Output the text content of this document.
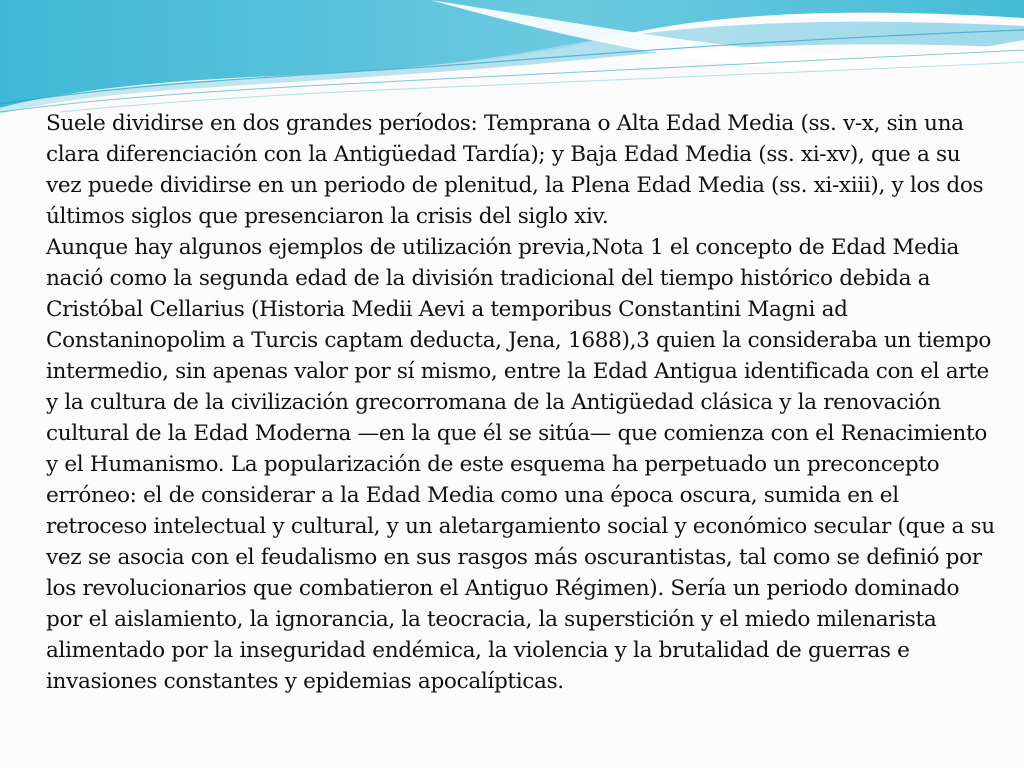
Suele dividirse en dos grandes períodos: Temprana o Alta Edad Media (ss. v-x, sin una clara diferenciación con la Antigüedad Tardía); y Baja Edad Media (ss. xi-xv), que a su vez puede dividirse en un periodo de plenitud, la Plena Edad Media (ss. xi-xiii), y los dos últimos siglos que presenciaron la crisis del siglo xiv.

Aunque hay algunos ejemplos de utilización previa,Nota 1 el concepto de Edad Media nació como la segunda edad de la división tradicional del tiempo histórico debida a Cristóbal Cellarius (Historia Medii Aevi a temporibus Constantini Magni ad Constaninopolim a Turcis captam deducta, Jena, 1688),3 quien la consideraba un tiempo intermedio, sin apenas valor por sí mismo, entre la Edad Antigua identificada con el arte y la cultura de la civilización grecorromana de la Antigüedad clásica y la renovación cultural de la Edad Moderna —en la que él se sitúa— que comienza con el Renacimiento y el Humanismo. La popularización de este esquema ha perpetuado un preconcepto erróneo: el de considerar a la Edad Media como una época oscura, sumida en el retroceso intelectual y cultural, y un aletargamiento social y económico secular (que a su vez se asocia con el feudalismo en sus rasgos más oscurantistas, tal como se definió por los revolucionarios que combatieron el Antiguo Régimen). Sería un periodo dominado por el aislamiento, la ignorancia, la teocracia, la superstición y el miedo milenarista alimentado por la inseguridad endémica, la violencia y la brutalidad de guerras e invasiones constantes y epidemias apocalípticas.
